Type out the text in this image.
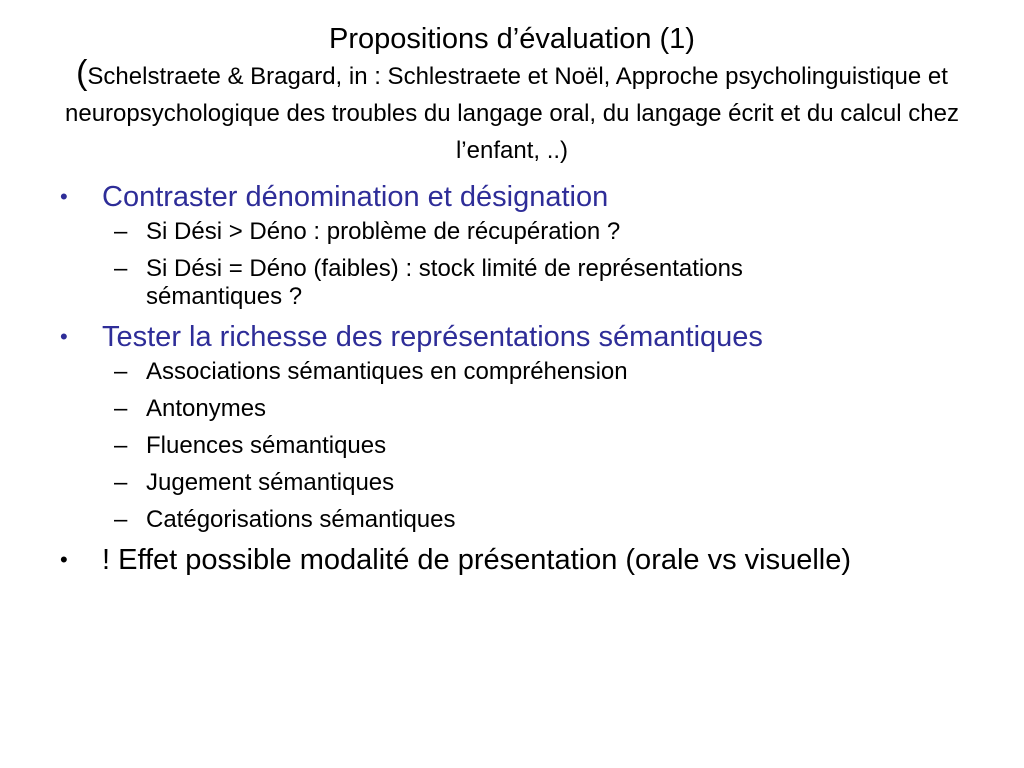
Propositions d’évaluation (1)
(Schelstraete & Bragard, in : Schlestraete et Noël, Approche psycholinguistique et neuropsychologique des troubles du langage oral, du langage écrit et du calcul chez l’enfant, ..)
•	Contraster dénomination et désignation
– Si Dési > Déno : problème de récupération ?
– Si Dési = Déno (faibles) : stock limité de représentations sémantiques ?
•	Tester la richesse des représentations sémantiques
– Associations sémantiques en compréhension
– Antonymes
– Fluences sémantiques
– Jugement sémantiques
– Catégorisations sémantiques
•	! Effet possible modalité de présentation (orale vs visuelle)
